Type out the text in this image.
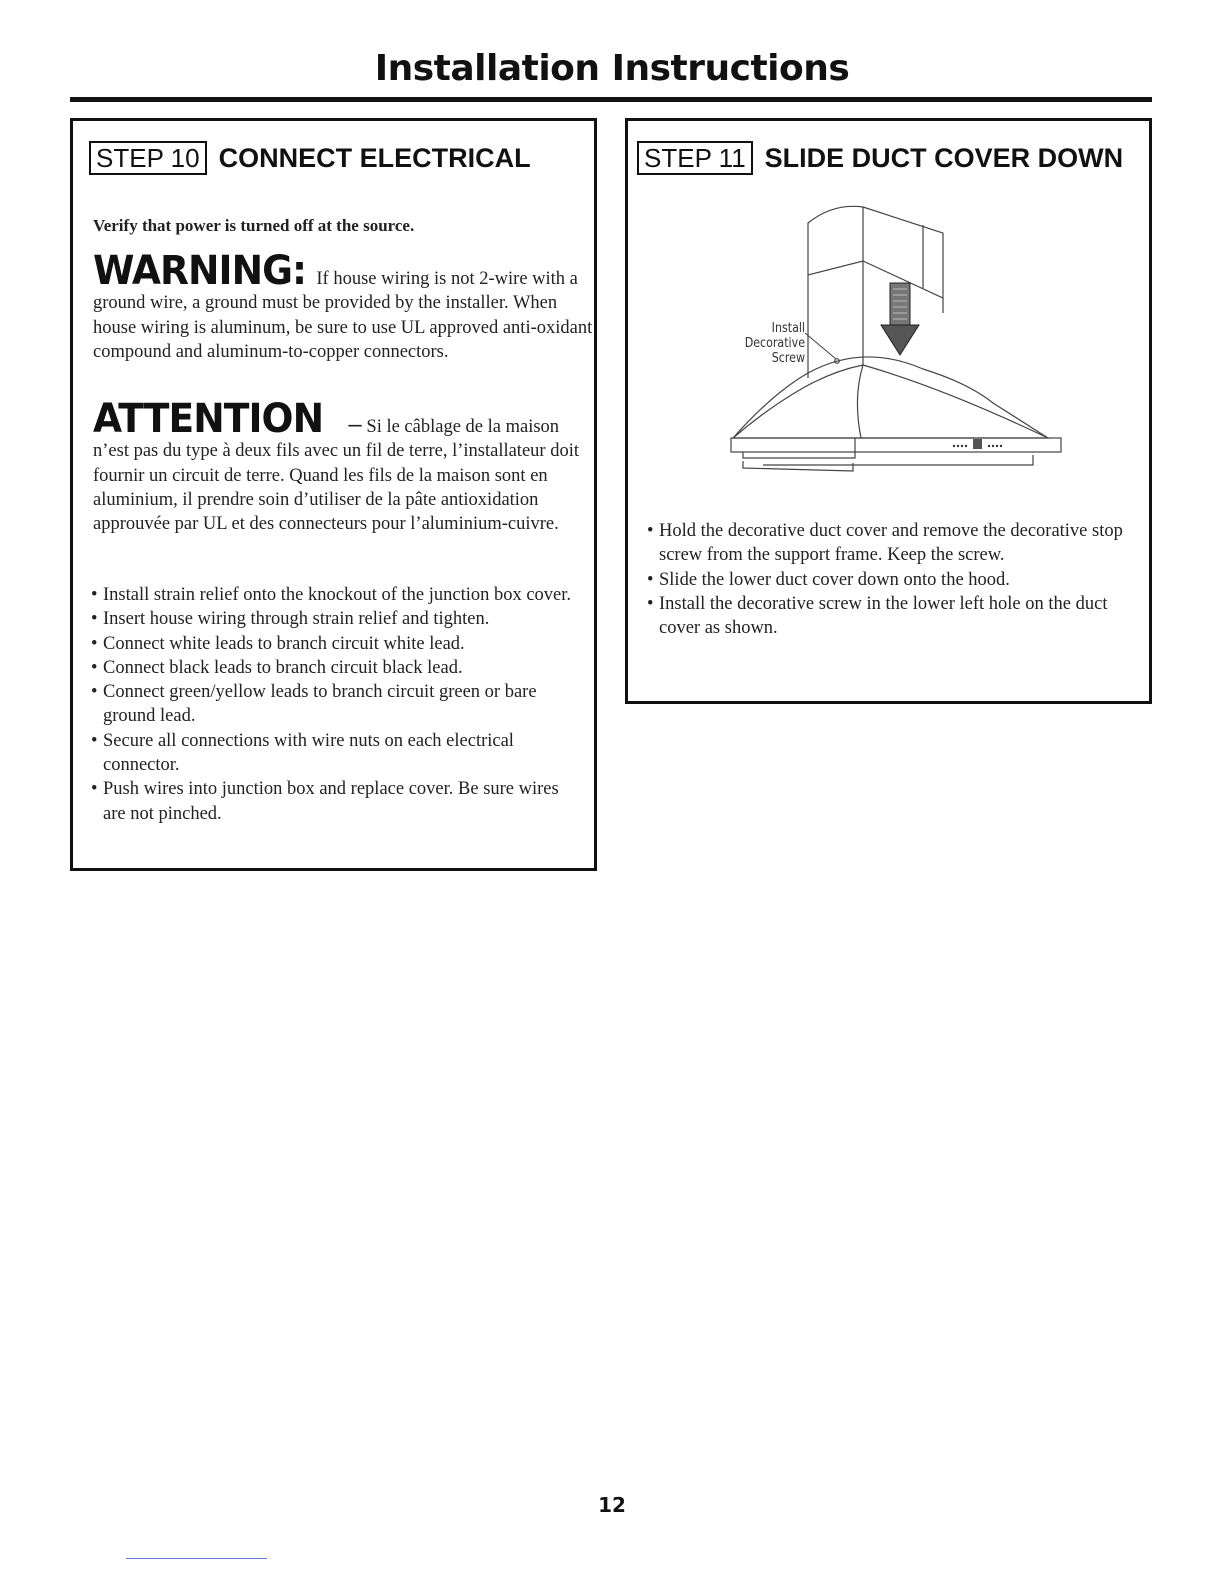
Installation Instructions
STEP 10 CONNECT ELECTRICAL
Verify that power is turned off at the source.
WARNING: If house wiring is not 2-wire with a ground wire, a ground must be provided by the installer. When house wiring is aluminum, be sure to use UL approved anti-oxidant compound and aluminum-to-copper connectors.
ATTENTION – Si le câblage de la maison n’est pas du type à deux fils avec un fil de terre, l’installateur doit fournir un circuit de terre. Quand les fils de la maison sont en aluminium, il prendre soin d’utiliser de la pâte antioxidation approuvée par UL et des connecteurs pour l’aluminium-cuivre.
• Install strain relief onto the knockout of the junction box cover.
• Insert house wiring through strain relief and tighten.
• Connect white leads to branch circuit white lead.
• Connect black leads to branch circuit black lead.
• Connect green/yellow leads to branch circuit green or bare ground lead.
• Secure all connections with wire nuts on each electrical connector.
• Push wires into junction box and replace cover. Be sure wires are not pinched.
STEP 11 SLIDE DUCT COVER DOWN
Install
Decorative
Screw
• Hold the decorative duct cover and remove the decorative stop screw from the support frame. Keep the screw.
• Slide the lower duct cover down onto the hood.
• Install the decorative screw in the lower left hole on the duct cover as shown.
12
